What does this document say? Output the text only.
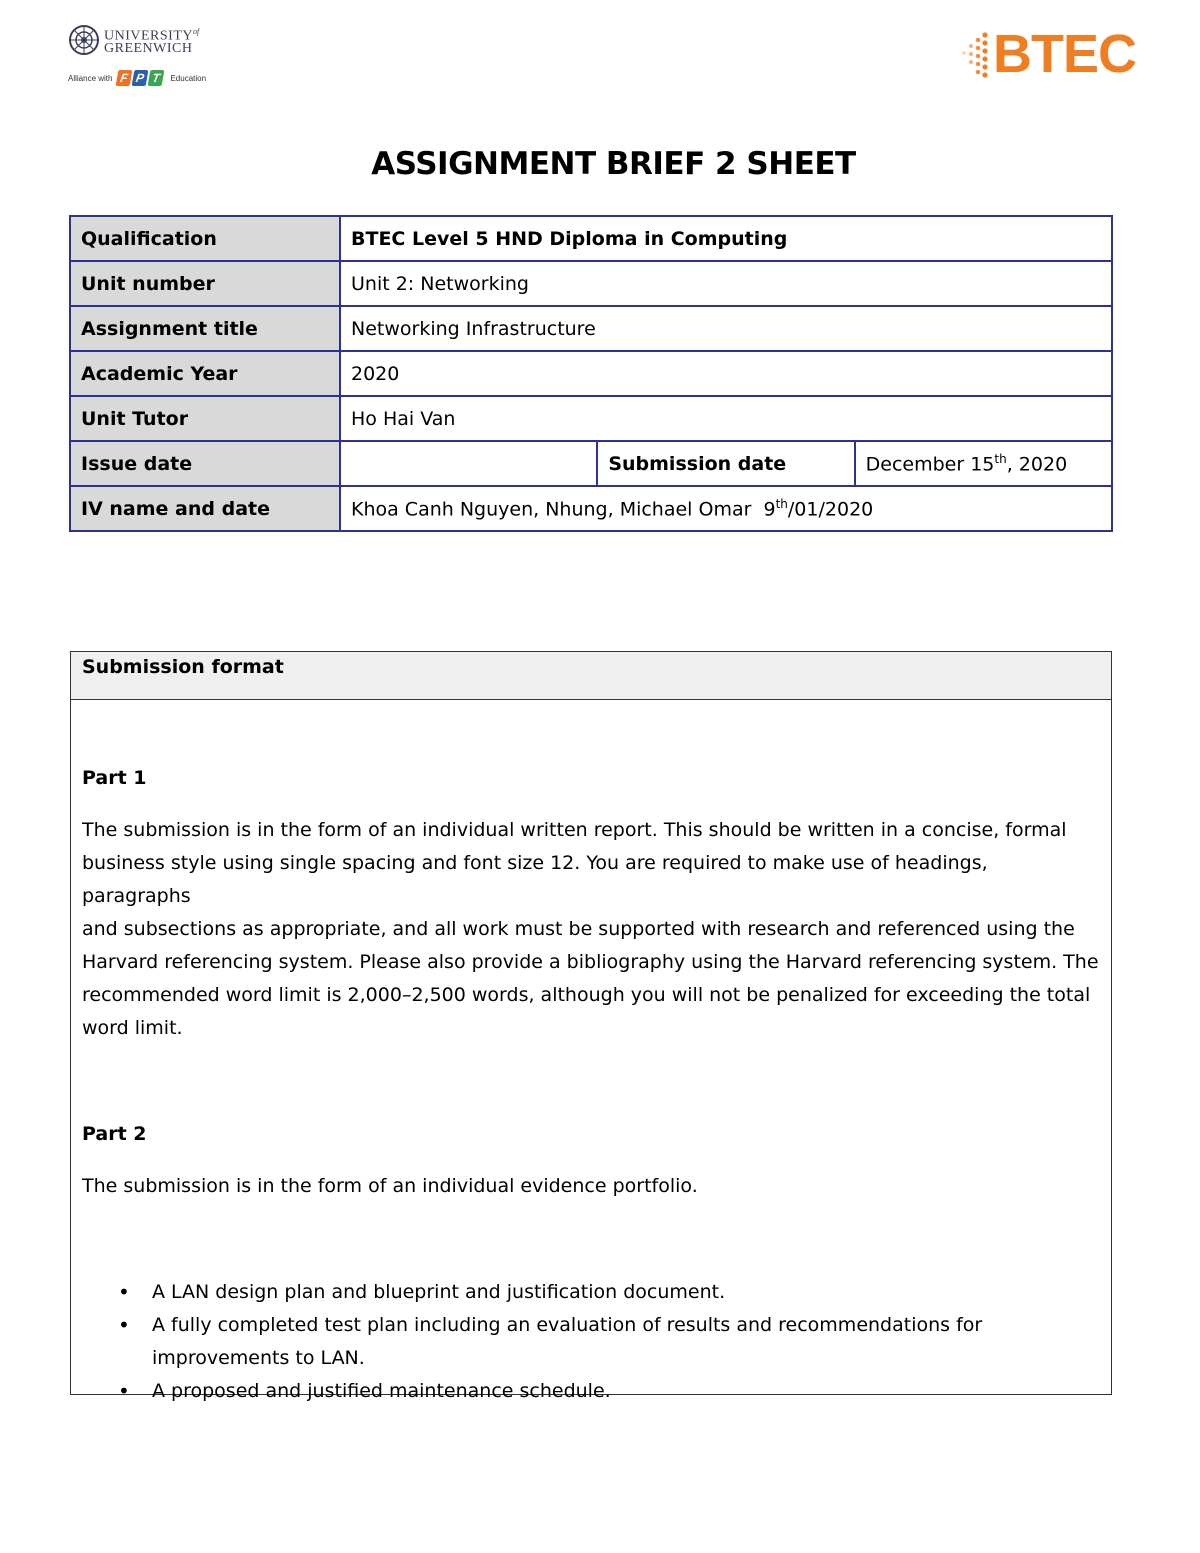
$UNIVERSITY^{of}$
GREENWICH
Alliance with F P T	Education	BTEC
ASSIGNMENT BRIEF 2 SHEET
Qualification	BTEC Level 5 HND Diploma in Computing		
Unit number	Unit 2: Networking		
Assignment title	Networking Infrastructure		
Academic Year	2020		
Unit Tutor	Ho Hai Van		
Issue date		Submission date	December 15th, 2020
IV name and date	Khoa Canh Nguyen, Nhung, Michael Omar  9th/01/2020		
Submission format
Part 1
The submission is in the form of an individual written report. This should be written in a concise, formal
business style using single spacing and font size 12. You are required to make use of headings, paragraphs
and subsections as appropriate, and all work must be supported with research and referenced using the
Harvard referencing system. Please also provide a bibliography using the Harvard referencing system. The
recommended word limit is 2,000–2,500 words, although you will not be penalized for exceeding the total
word limit.
Part 2
The submission is in the form of an individual evidence portfolio.
• A LAN design plan and blueprint and justification document.
• A fully completed test plan including an evaluation of results and recommendations for
improvements to LAN.
• A proposed and justified maintenance schedule.
